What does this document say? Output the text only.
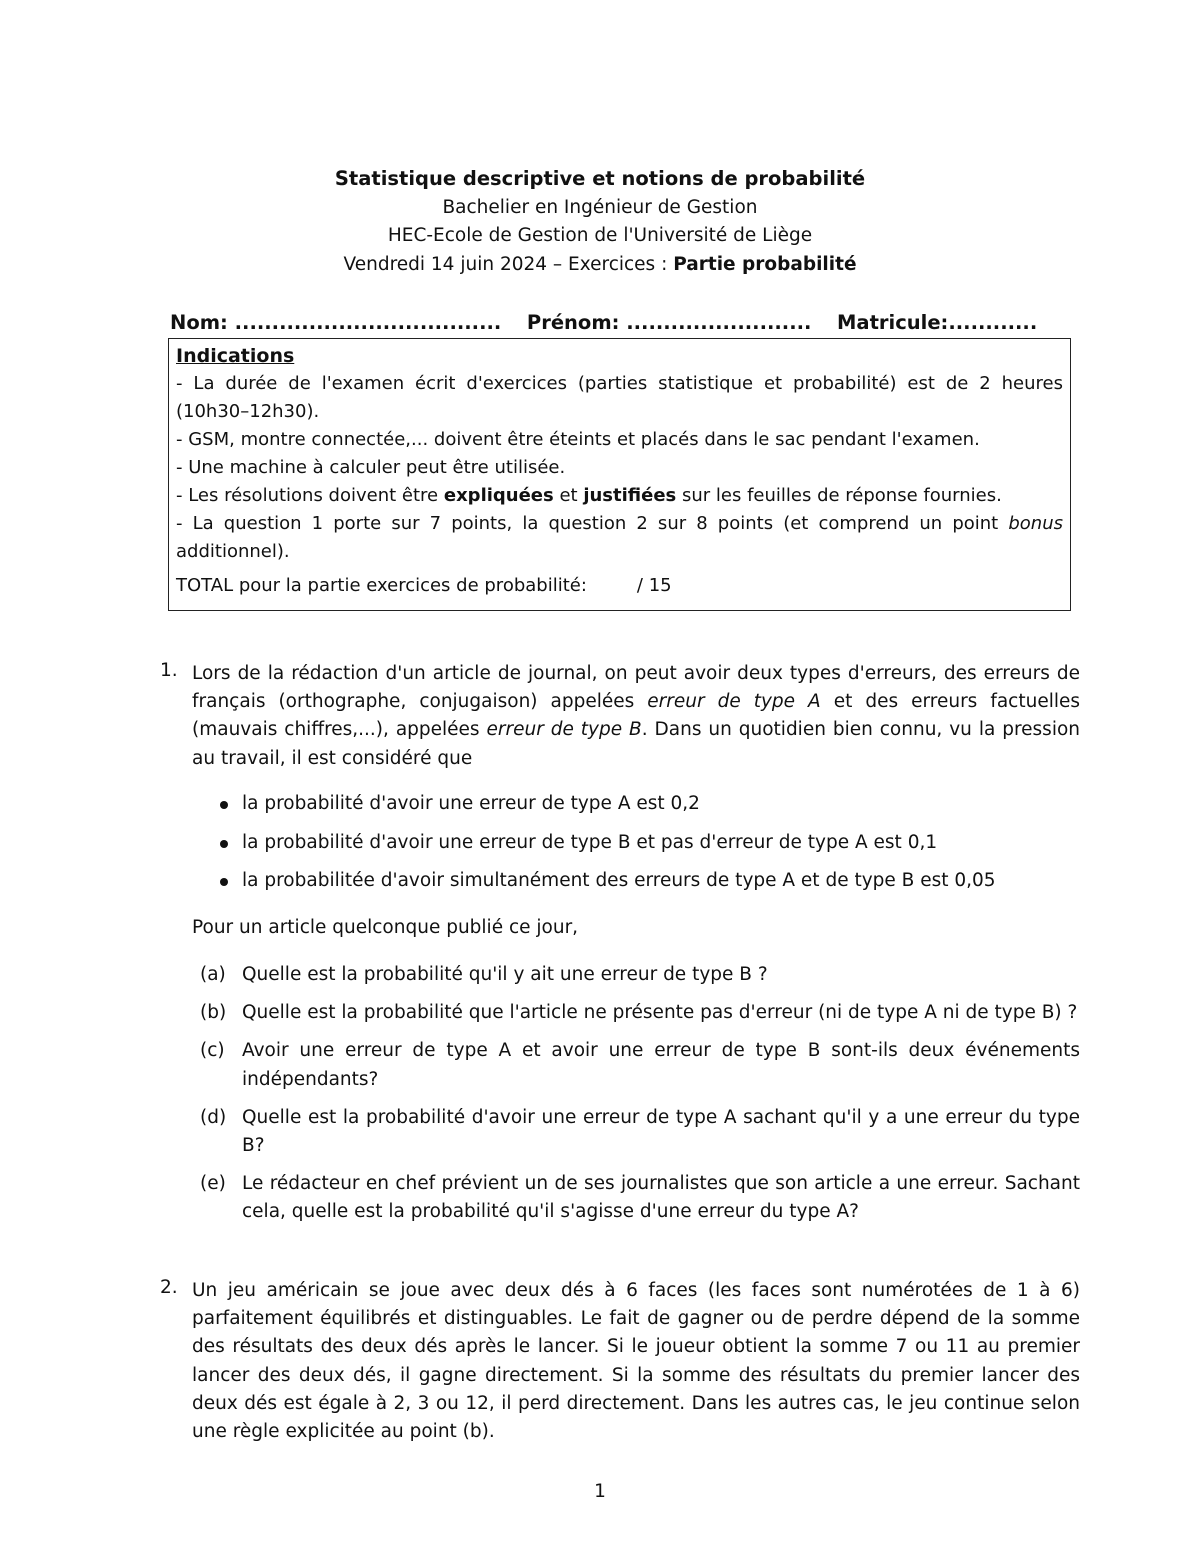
Statistique descriptive et notions de probabilité
Bachelier en Ingénieur de Gestion
HEC-Ecole de Gestion de l'Université de Liège
Vendredi 14 juin 2024 – Exercices : Partie probabilité
Nom: .................................... Prénom: ......................... Matricule:............

Indications

- La durée de l'examen écrit d'exercices (parties statistique et probabilité) est de 2 heures (10h30–12h30).

- GSM, montre connectée,... doivent être éteints et placés dans le sac pendant l'examen.

- Une machine à calculer peut être utilisée.

- Les résolutions doivent être expliquées et justifiées sur les feuilles de réponse fournies.

- La question 1 porte sur 7 points, la question 2 sur 8 points (et comprend un point bonus additionnel).

TOTAL pour la partie exercices de probabilité:	/ 15

1. Lors de la rédaction d'un article de journal, on peut avoir deux types d'erreurs, des erreurs de français (orthographe, conjugaison) appelées erreur de type A et des erreurs factuelles (mauvais chiffres,...), appelées erreur de type B. Dans un quotidien bien connu, vu la pression au travail, il est considéré que
la probabilité d'avoir une erreur de type A est 0,2
la probabilité d'avoir une erreur de type B et pas d'erreur de type A est 0,1
la probabilitée d'avoir simultanément des erreurs de type A et de type B est 0,05
Pour un article quelconque publié ce jour,
(a) Quelle est la probabilité qu'il y ait une erreur de type B ?
(b) Quelle est la probabilité que l'article ne présente pas d'erreur (ni de type A ni de type B) ?
(c) Avoir une erreur de type A et avoir une erreur de type B sont-ils deux événements indépendants?
(d) Quelle est la probabilité d'avoir une erreur de type A sachant qu'il y a une erreur du type B?
(e) Le rédacteur en chef prévient un de ses journalistes que son article a une erreur. Sachant cela, quelle est la probabilité qu'il s'agisse d'une erreur du type A?
2. Un jeu américain se joue avec deux dés à 6 faces (les faces sont numérotées de 1 à 6) parfaitement équilibrés et distinguables. Le fait de gagner ou de perdre dépend de la somme des résultats des deux dés après le lancer. Si le joueur obtient la somme 7 ou 11 au premier lancer des deux dés, il gagne directement. Si la somme des résultats du premier lancer des deux dés est égale à 2, 3 ou 12, il perd directement. Dans les autres cas, le jeu continue selon une règle explicitée au point (b).
1
